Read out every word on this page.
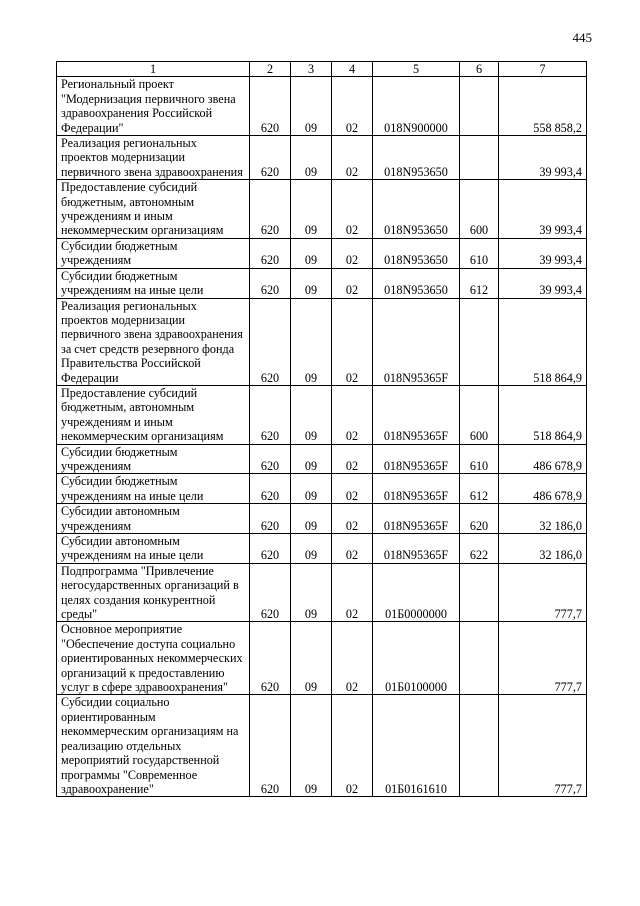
445
1	2	3	4	5	6	7
Региональный проект "Модернизация первичного звена здравоохранения Российской Федерации"	620	09	02	018N900000		558 858,2
Реализация региональных проектов модернизации первичного звена здравоохранения	620	09	02	018N953650		39 993,4
Предоставление субсидий бюджетным, автономным учреждениям и иным некоммерческим организациям	620	09	02	018N953650	600	39 993,4
Субсидии бюджетным учреждениям	620	09	02	018N953650	610	39 993,4
Субсидии бюджетным учреждениям на иные цели	620	09	02	018N953650	612	39 993,4
Реализация региональных проектов модернизации первичного звена здравоохранения за счет средств резервного фонда Правительства Российской Федерации	620	09	02	018N95365F		518 864,9
Предоставление субсидий бюджетным, автономным учреждениям и иным некоммерческим организациям	620	09	02	018N95365F	600	518 864,9
Субсидии бюджетным учреждениям	620	09	02	018N95365F	610	486 678,9
Субсидии бюджетным учреждениям на иные цели	620	09	02	018N95365F	612	486 678,9
Субсидии автономным учреждениям	620	09	02	018N95365F	620	32 186,0
Субсидии автономным учреждениям на иные цели	620	09	02	018N95365F	622	32 186,0
Подпрограмма "Привлечение негосударственных организаций в целях создания конкурентной среды"	620	09	02	01Б0000000		777,7
Основное мероприятие "Обеспечение доступа социально ориентированных некоммерческих организаций к предоставлению услуг в сфере здравоохранения"	620	09	02	01Б0100000		777,7
Субсидии социально ориентированным некоммерческим организациям на реализацию отдельных мероприятий государственной программы "Современное здравоохранение"	620	09	02	01Б0161610		777,7
